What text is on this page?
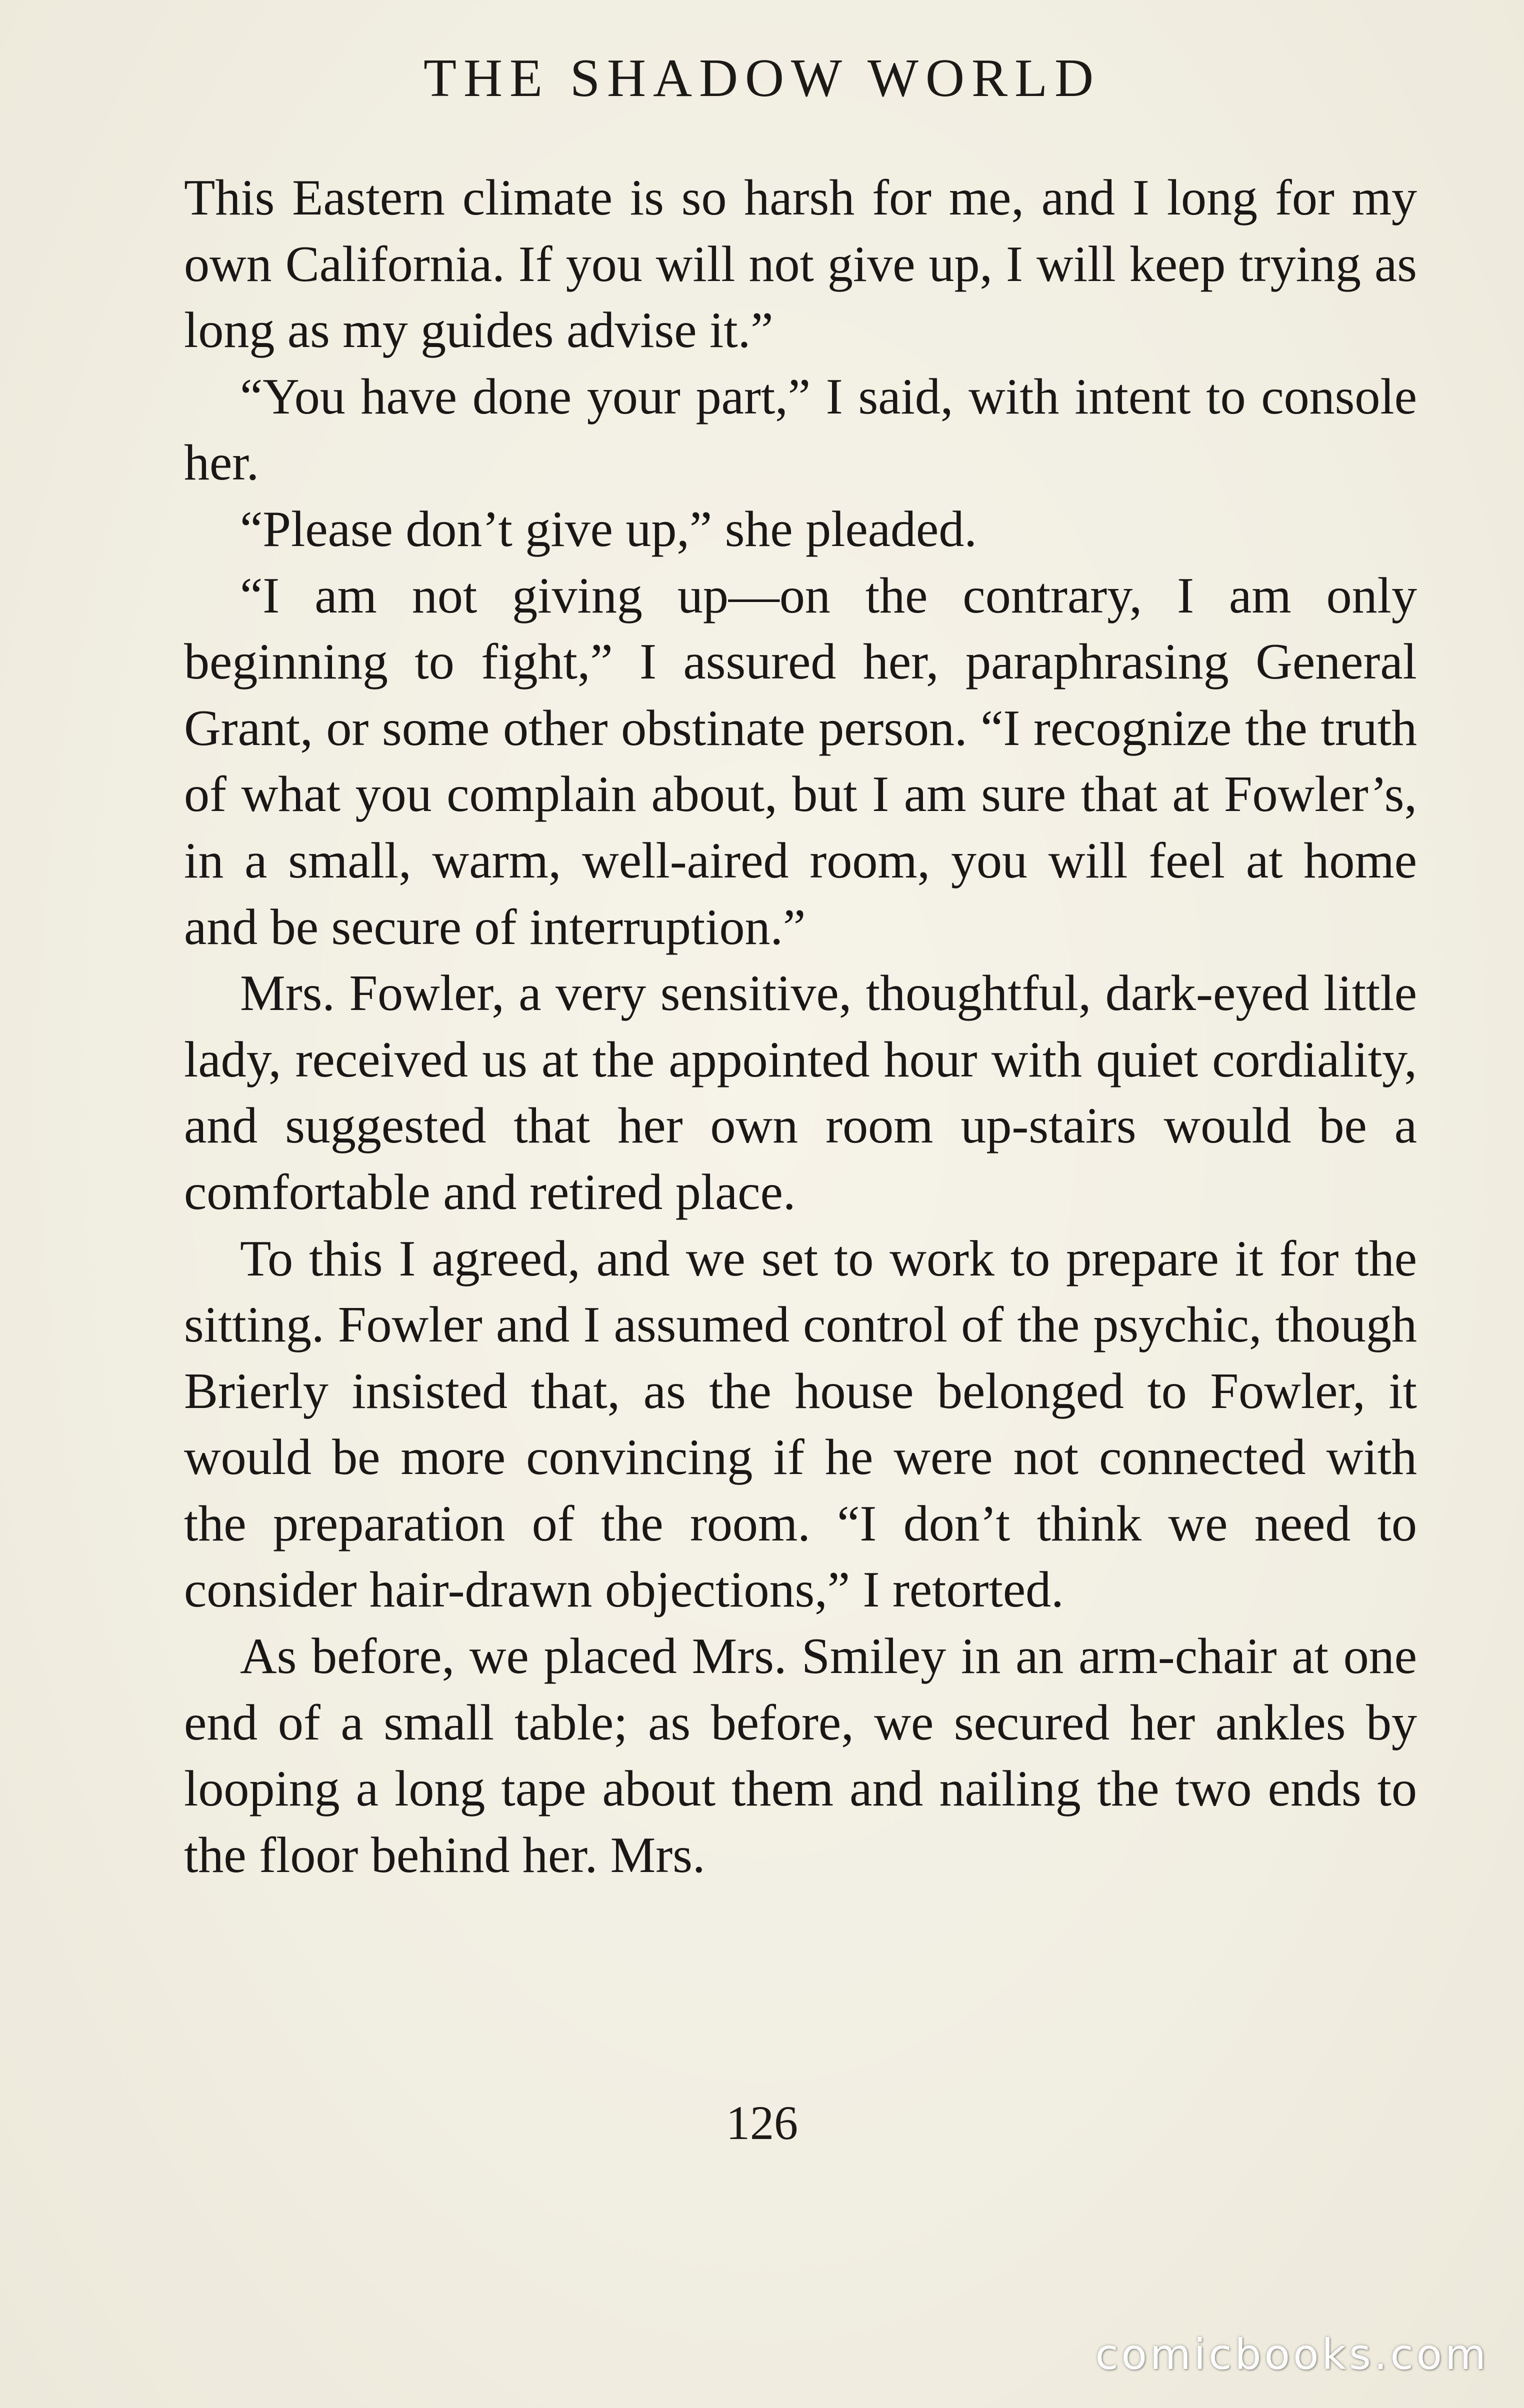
THE SHADOW WORLD

This Eastern climate is so harsh for me, and I long for my own California. If you will not give up, I will keep trying as long as my guides advise it.”

“You have done your part,” I said, with intent to console her.

“Please don’t give up,” she pleaded.

“I am not giving up—on the contrary, I am only beginning to fight,” I assured her, paraphrasing General Grant, or some other obstinate person. “I recognize the truth of what you complain about, but I am sure that at Fowler’s, in a small, warm, well-aired room, you will feel at home and be secure of interruption.”

Mrs. Fowler, a very sensitive, thoughtful, dark-eyed little lady, received us at the appointed hour with quiet cordiality, and suggested that her own room up-stairs would be a comfortable and retired place.

To this I agreed, and we set to work to prepare it for the sitting. Fowler and I assumed control of the psychic, though Brierly insisted that, as the house belonged to Fowler, it would be more convincing if he were not connected with the preparation of the room. “I don’t think we need to consider hair-drawn objections,” I retorted.

As before, we placed Mrs. Smiley in an arm-chair at one end of a small table; as before, we secured her ankles by looping a long tape about them and nailing the two ends to the floor behind her. Mrs.

126
comicbooks.com
